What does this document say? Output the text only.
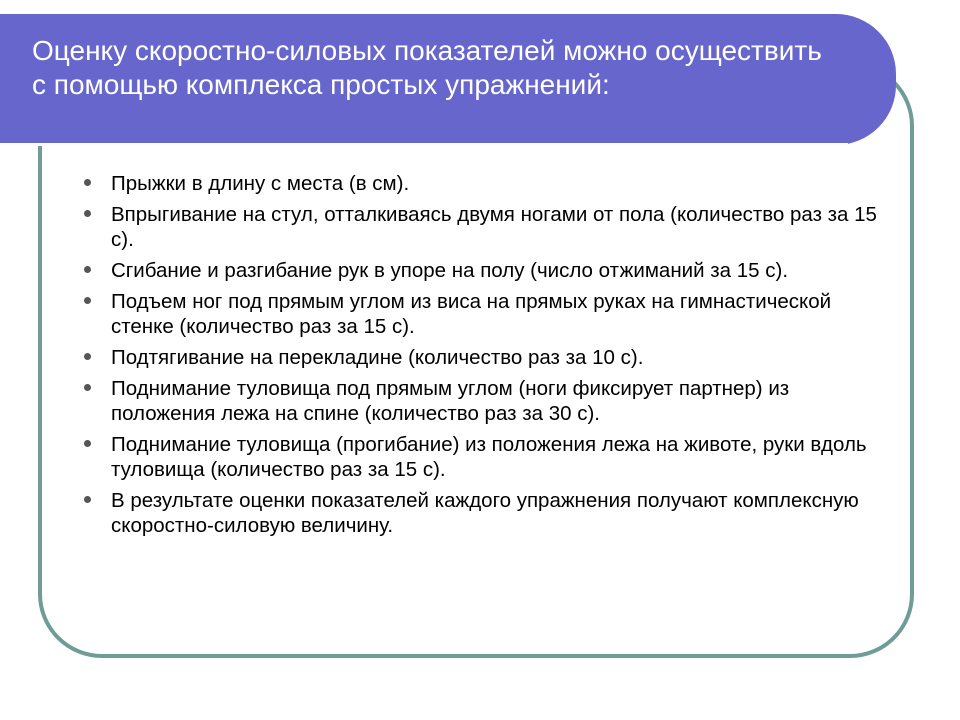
Оценку скоростно-силовых показателей можно осуществить с помощью комплекса простых упражнений:
Прыжки в длину с места (в см).
Впрыгивание на стул, отталкиваясь двумя ногами от пола (количество раз за 15 с).
Сгибание и разгибание рук в упоре на полу (число отжиманий за 15 с).
Подъем ног под прямым углом из виса на прямых руках на гимнастической стенке (количество раз за 15 с).
Подтягивание на перекладине (количество раз за 10 с).
Поднимание туловища под прямым углом (ноги фиксирует партнер) из положения лежа на спине (количество раз за 30 с).
Поднимание туловища (прогибание) из положения лежа на животе, руки вдоль туловища (количество раз за 15 с).
В результате оценки показателей каждого упражнения получают комплексную скоростно-силовую величину.
